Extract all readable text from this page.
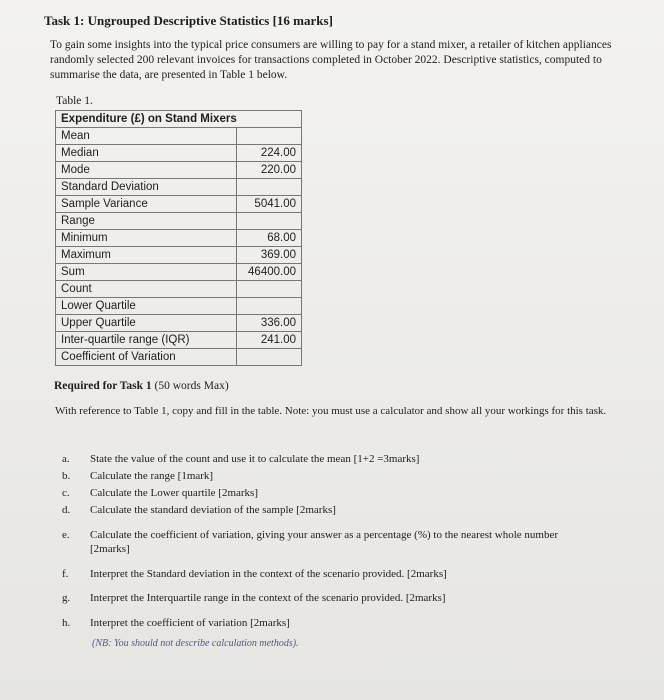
Task 1: Ungrouped Descriptive Statistics [16 marks]
To gain some insights into the typical price consumers are willing to pay for a stand mixer, a retailer of kitchen appliances randomly selected 200 relevant invoices for transactions completed in October 2022. Descriptive statistics, computed to summarise the data, are presented in Table 1 below.
Table 1.
Expenditure (£) on Stand Mixers	
Mean	
Median	224.00
Mode	220.00
Standard Deviation	
Sample Variance	5041.00
Range	
Minimum	68.00
Maximum	369.00
Sum	46400.00
Count	
Lower Quartile	
Upper Quartile	336.00
Inter-quartile range (IQR)	241.00
Coefficient of Variation	
Required for Task 1 (50 words Max)
With reference to Table 1, copy and fill in the table. Note: you must use a calculator and show all your workings for this task.
a. State the value of the count and use it to calculate the mean [1+2 =3marks]
b. Calculate the range [1mark]
c. Calculate the Lower quartile [2marks]
d. Calculate the standard deviation of the sample [2marks]
e. Calculate the coefficient of variation, giving your answer as a percentage (%) to the nearest whole number [2marks]
f. Interpret the Standard deviation in the context of the scenario provided. [2marks]
g. Interpret the Interquartile range in the context of the scenario provided. [2marks]
h. Interpret the coefficient of variation [2marks]
(NB: You should not describe calculation methods).
